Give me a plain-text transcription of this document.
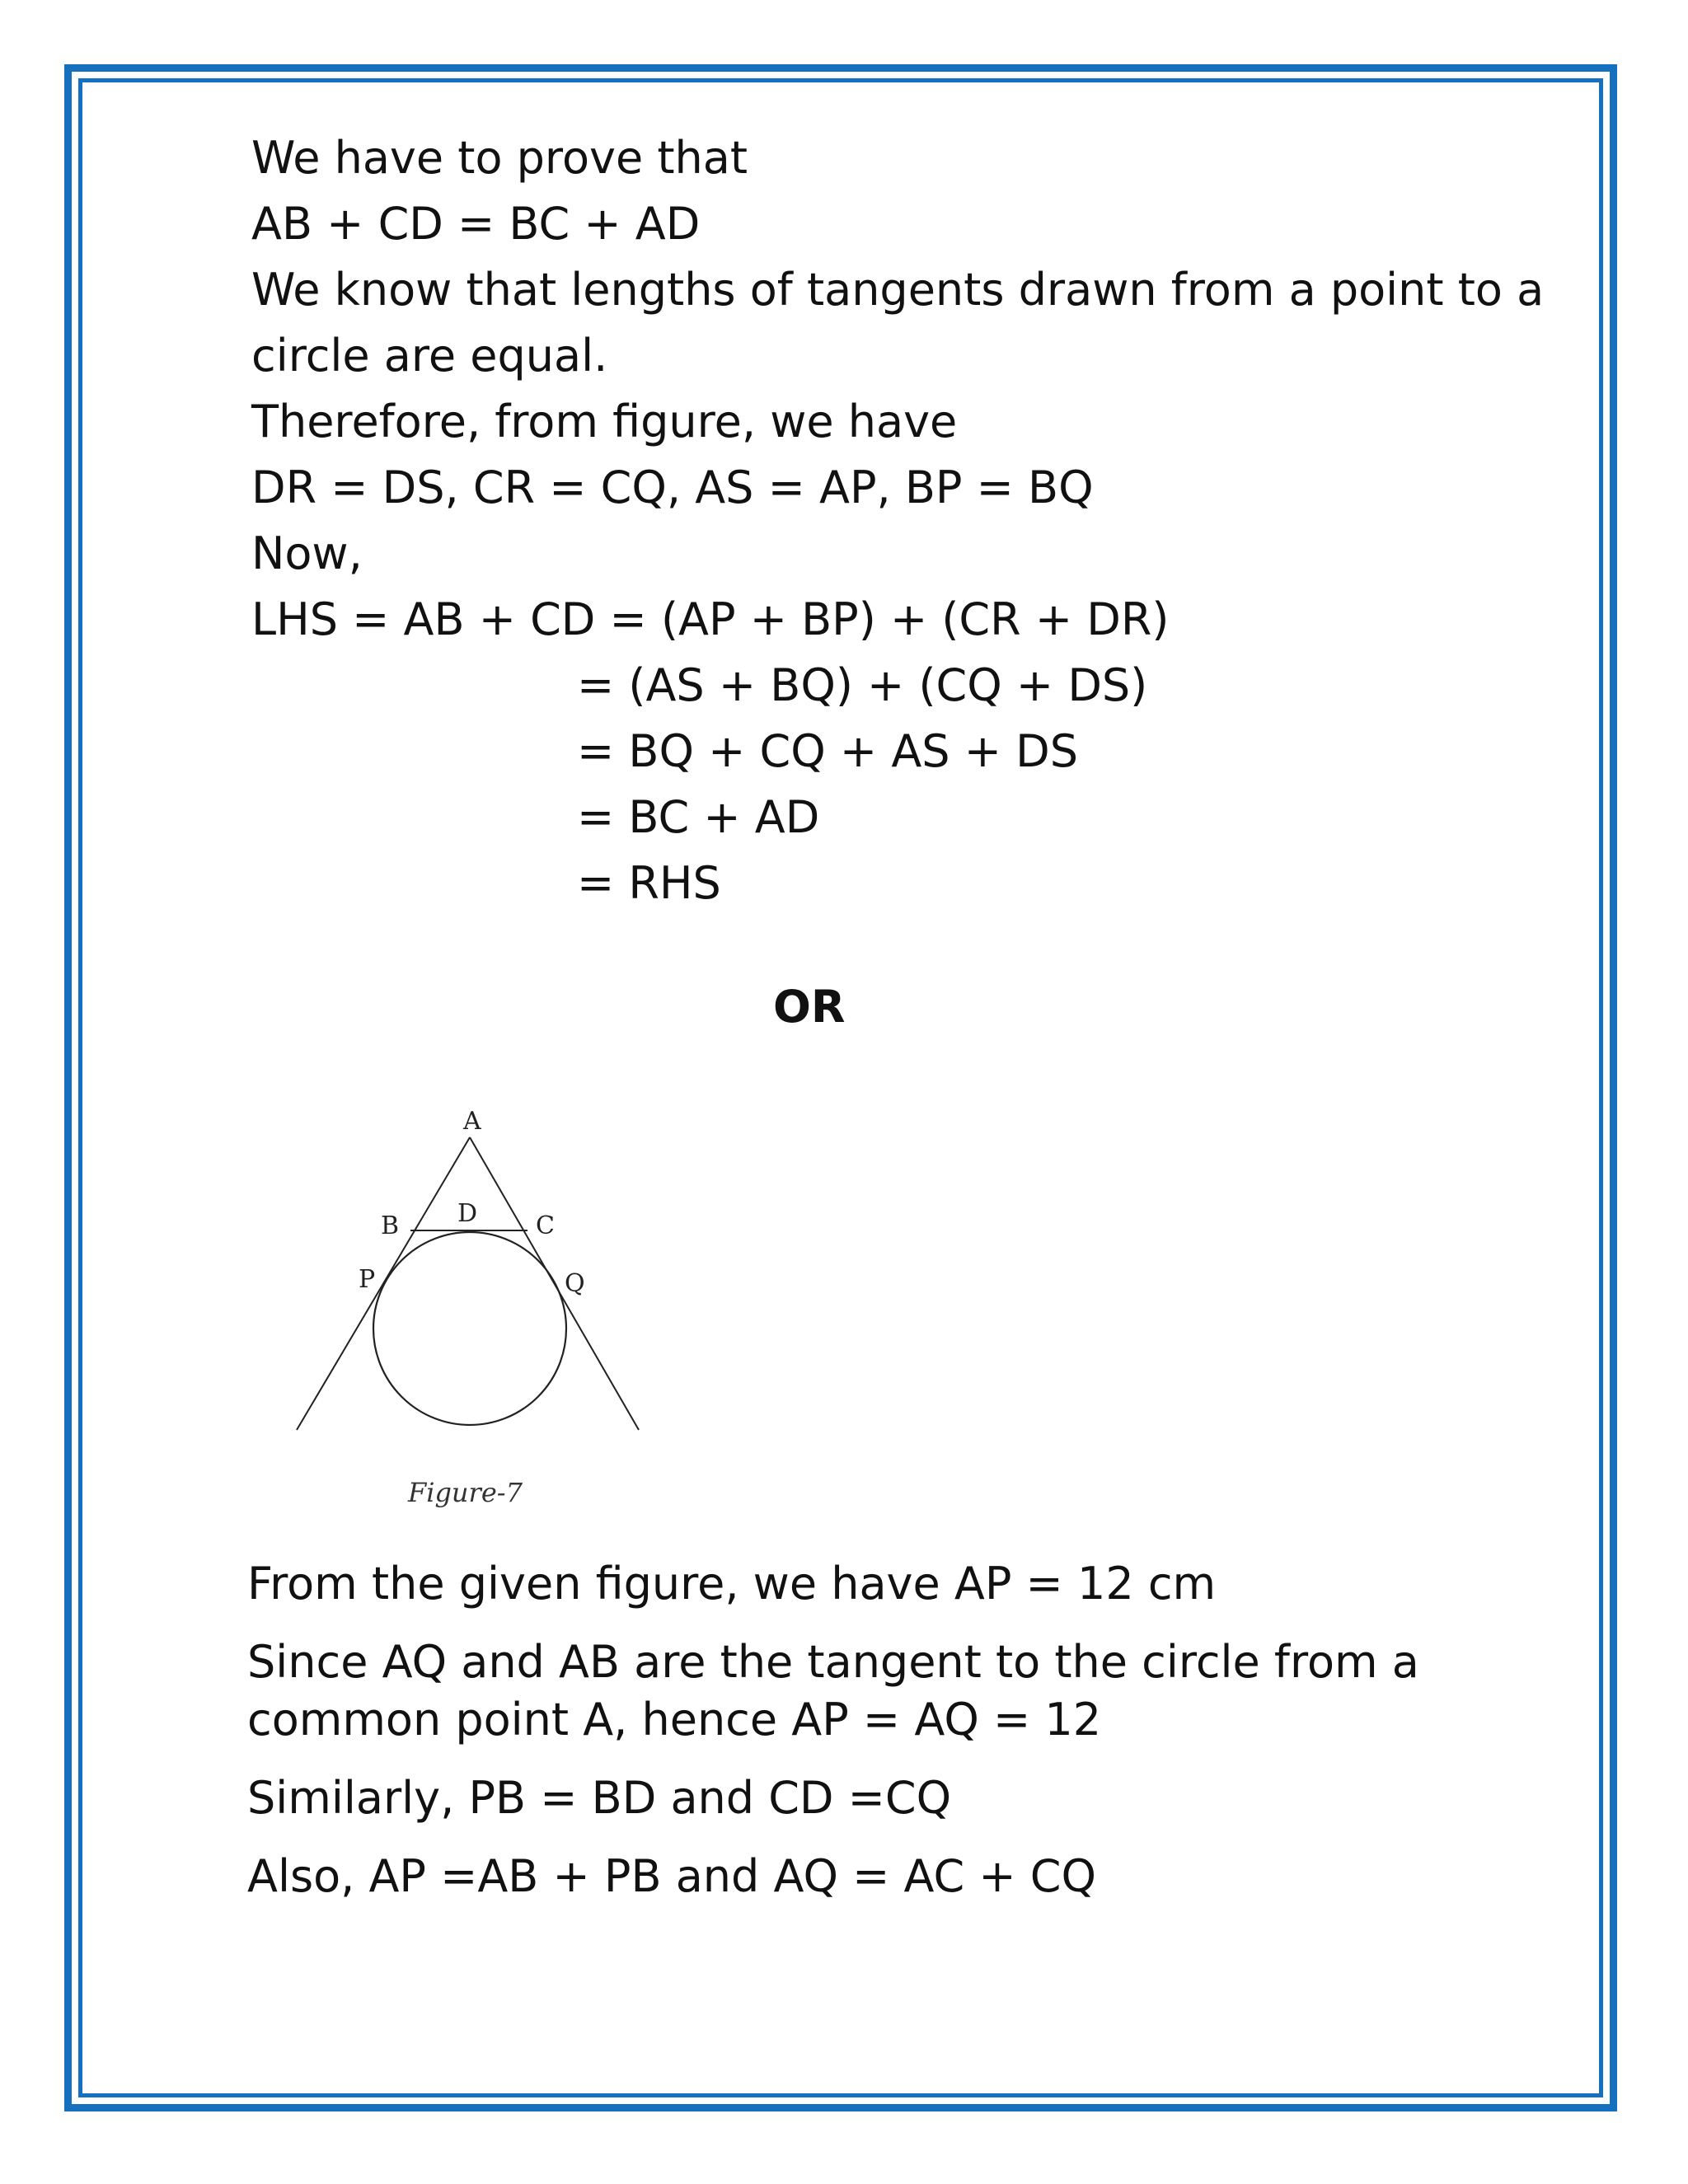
We have to prove that
AB + CD = BC + AD
We know that lengths of tangents drawn from a point to a
circle are equal.
Therefore, from figure, we have
DR = DS, CR = CQ, AS = AP, BP = BQ
Now,
LHS = AB + CD = (AP + BP) + (CR + DR)
= (AS + BQ) + (CQ + DS)
= BQ + CQ + AS + DS
= BC + AD
= RHS
OR
A
B D C
P	Q
Figure-7
From the given figure, we have AP = 12 cm
Since AQ and AB are the tangent to the circle from a
common point A, hence AP = AQ = 12
Similarly, PB = BD and CD =CQ
Also, AP =AB + PB and AQ = AC + CQ
